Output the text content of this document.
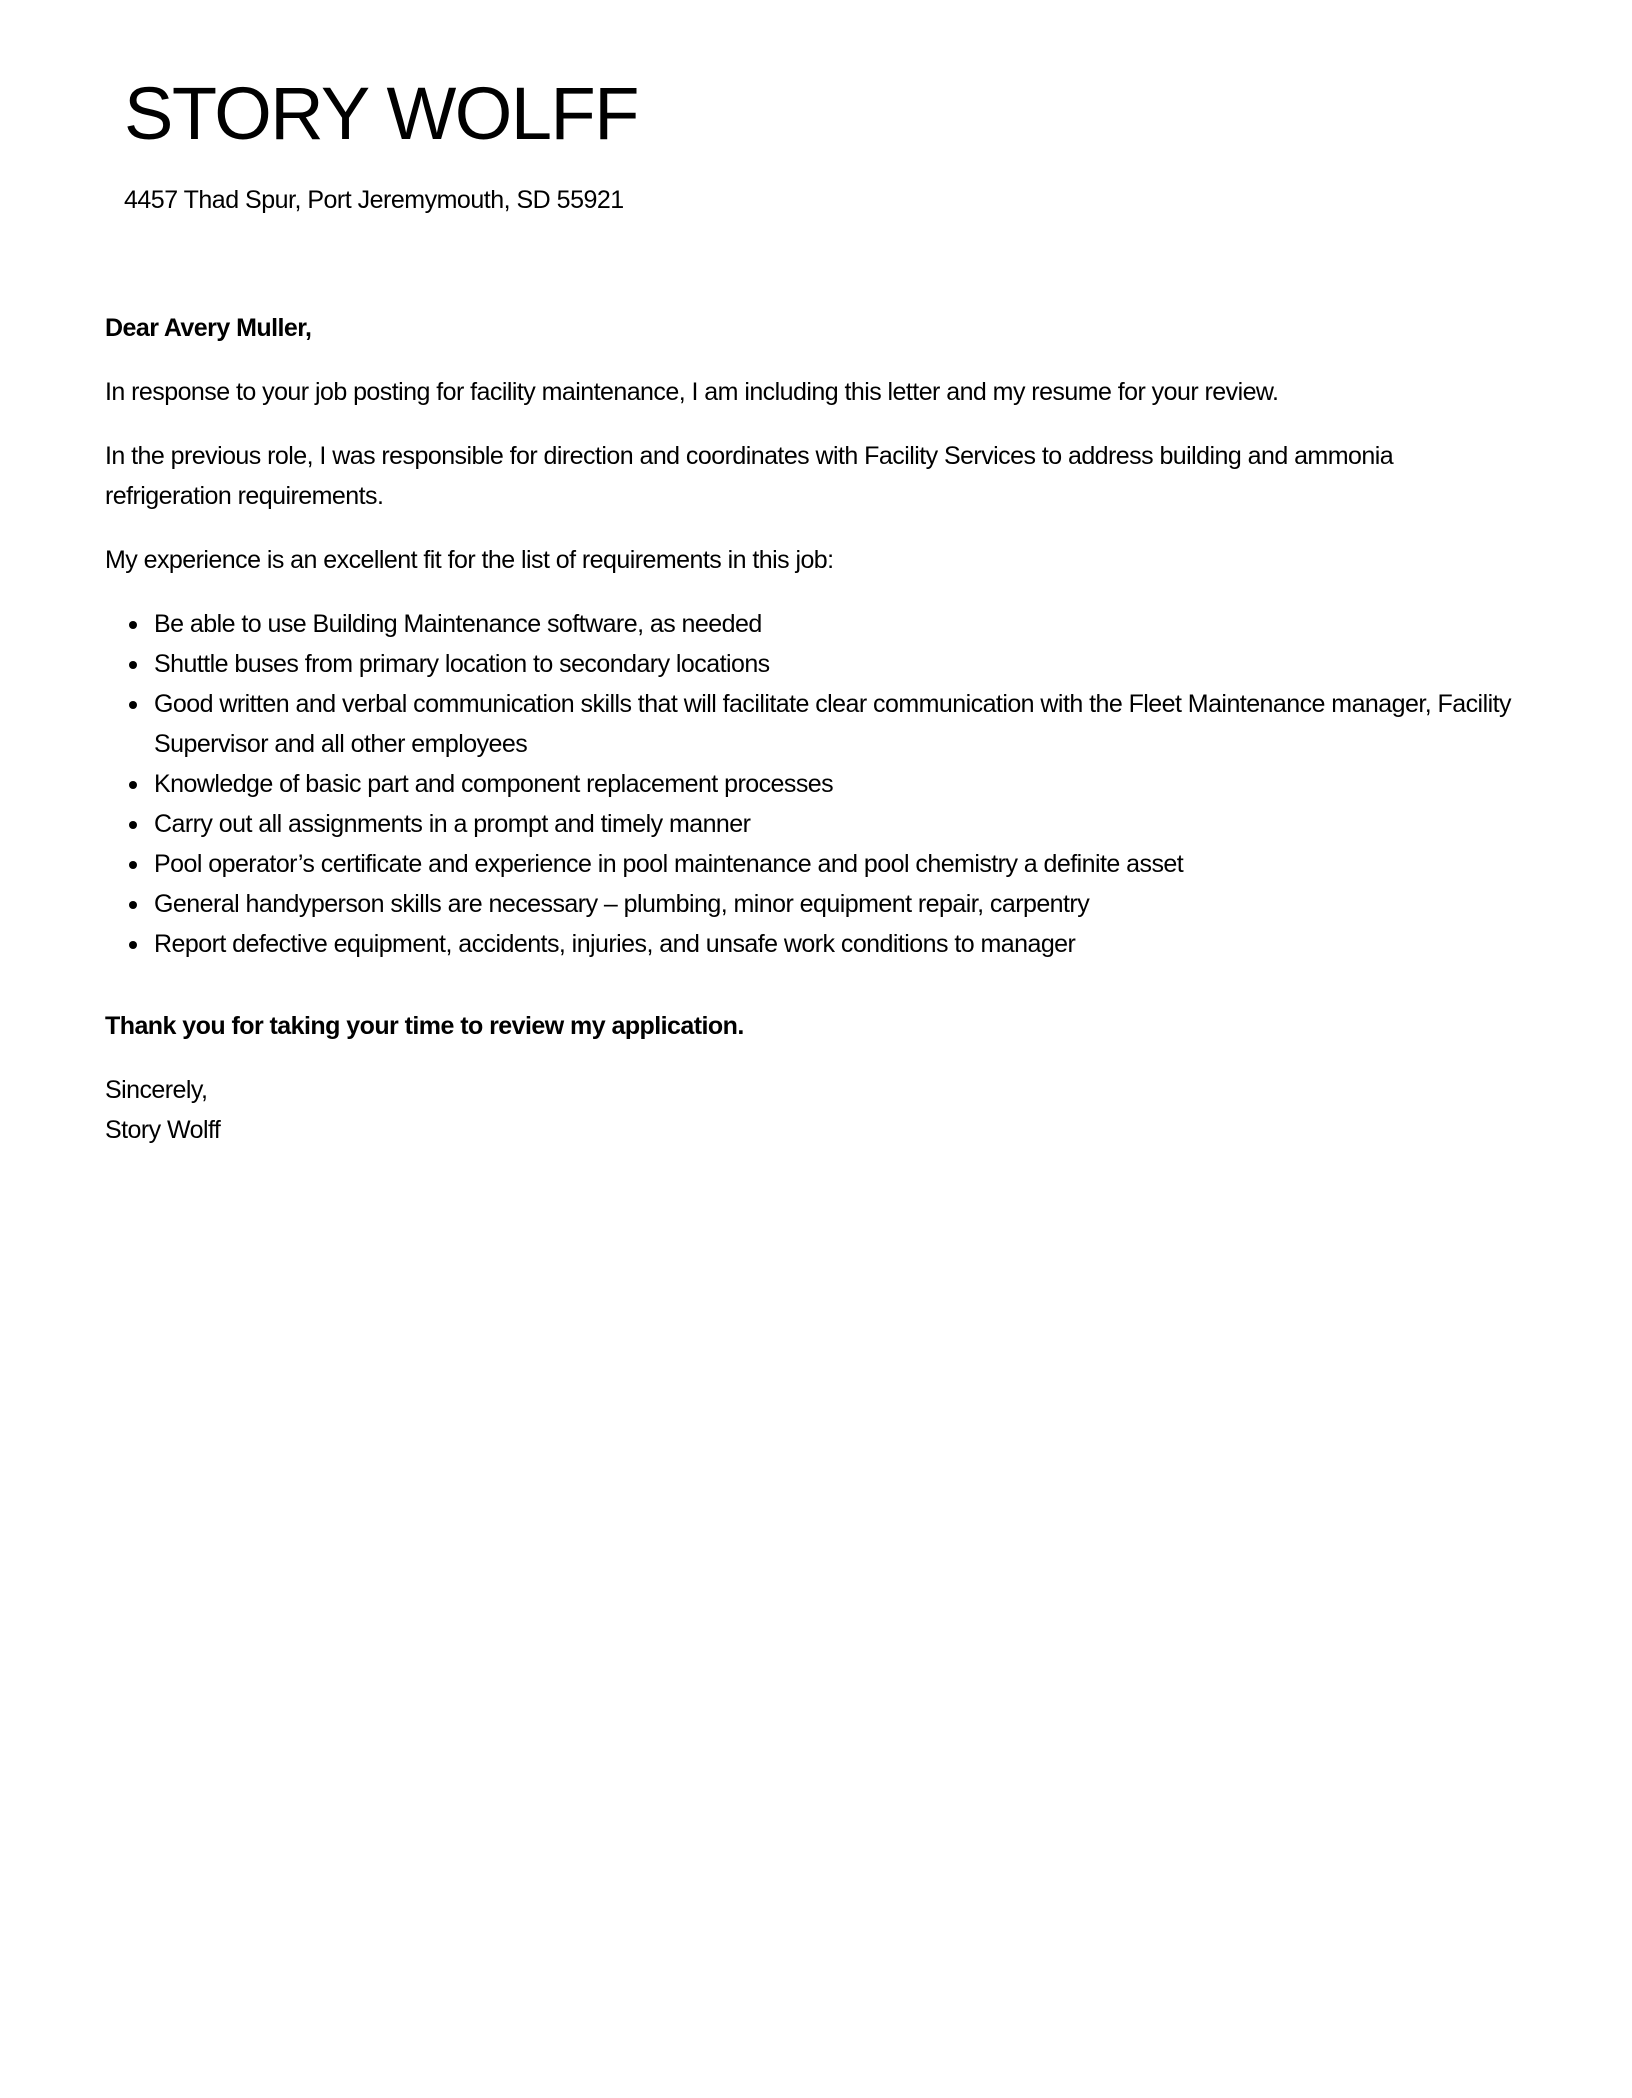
STORY WOLFF
4457 Thad Spur, Port Jeremymouth, SD 55921

Dear Avery Muller,

In response to your job posting for facility maintenance, I am including this letter and my resume for your review.

In the previous role, I was responsible for direction and coordinates with Facility Services to address building and ammonia refrigeration requirements.

My experience is an excellent fit for the list of requirements in this job:

Be able to use Building Maintenance software, as needed
Shuttle buses from primary location to secondary locations
Good written and verbal communication skills that will facilitate clear communication with the Fleet Maintenance manager, Facility Supervisor and all other employees
Knowledge of basic part and component replacement processes
Carry out all assignments in a prompt and timely manner
Pool operator’s certificate and experience in pool maintenance and pool chemistry a definite asset
General handyperson skills are necessary – plumbing, minor equipment repair, carpentry
Report defective equipment, accidents, injuries, and unsafe work conditions to manager

Thank you for taking your time to review my application.

Sincerely,
Story Wolff
